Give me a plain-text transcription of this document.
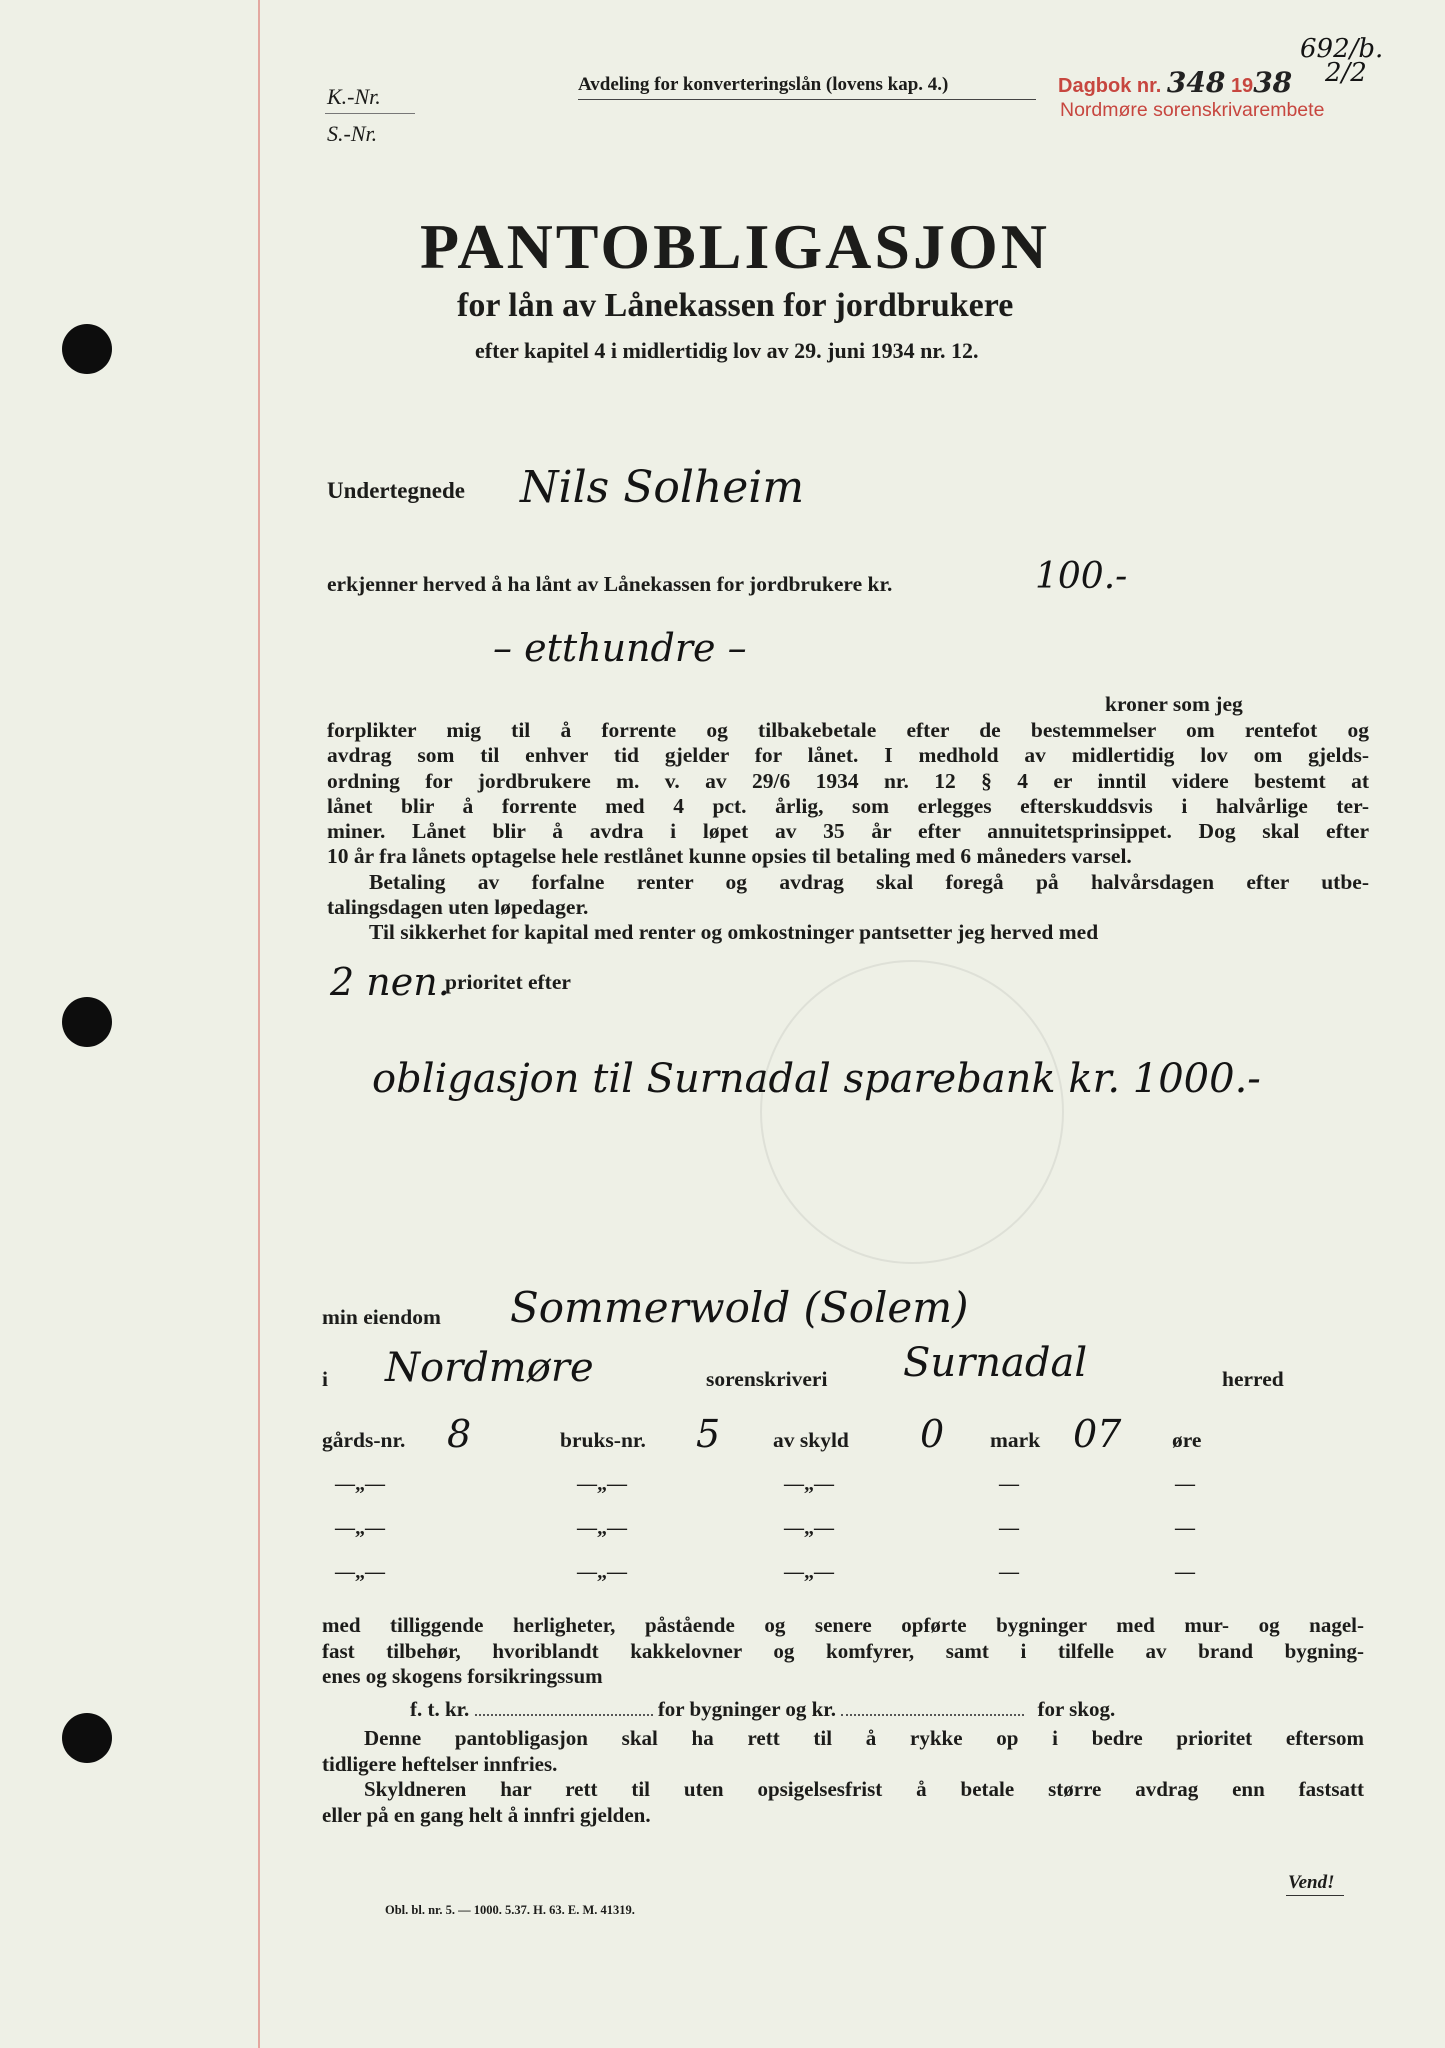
K.-Nr.
S.-Nr.
Avdeling for konverteringslån (lovens kap. 4.)	Dagbok nr. 348 1938
692/b.
2/2
Nordmøre sorenskrivarembete
PANTOBLIGASJON
for lån av Lånekassen for jordbrukere
efter kapitel 4 i midlertidig lov av 29. juni 1934 nr. 12.
Undertegnede Nils Solheim
erkjenner herved å ha lånt av Lånekassen for jordbrukere kr.	100.-
– etthundre –
kroner som jeg

forplikter mig til å forrente og tilbakebetale efter de bestemmelser om rentefot og

avdrag som til enhver tid gjelder for lånet. I medhold av midlertidig lov om gjelds-

ordning for jordbrukere m. v. av 29/6 1934 nr. 12 § 4 er inntil videre bestemt at

lånet blir å forrente med 4 pct. årlig, som erlegges efterskuddsvis i halvårlige ter-

miner. Lånet blir å avdra i løpet av 35 år efter annuitetsprinsippet. Dog skal efter

10 år fra lånets optagelse hele restlånet kunne opsies til betaling med 6 måneders varsel.

Betaling av forfalne renter og avdrag skal foregå på halvårsdagen efter utbe-

talingsdagen uten løpedager.

Til sikkerhet for kapital med renter og omkostninger pantsetter jeg herved med

2 nen.
prioritet efter
obligasjon til Surnadal sparebank kr. 1000.-
min eiendom Sommerwold (Solem)
i Nordmøre	sorenskriveri Surnadal	herred
gårds-nr. 8	bruks-nr. 5 av skyld 0 mark 07 øre
—„—	—„—	—„—	—	—
—„—	—„—	—„—	—	—
—„—	—„—	—„—	—	—

med tilliggende herligheter, påstående og senere opførte bygninger med mur- og nagel-

fast tilbehør, hvoriblandt kakkelovner og komfyrer, samt i tilfelle av brand bygning-

enes og skogens forsikringssum

f. t. kr.	for bygninger og kr.	for skog.

Denne pantobligasjon skal ha rett til å rykke op i bedre prioritet eftersom

tidligere heftelser innfries.

Skyldneren har rett til uten opsigelsesfrist å betale større avdrag enn fastsatt

eller på en gang helt å innfri gjelden.

Obl. bl. nr. 5. — 1000. 5.37. H. 63. E. M. 41319.
Vend!
